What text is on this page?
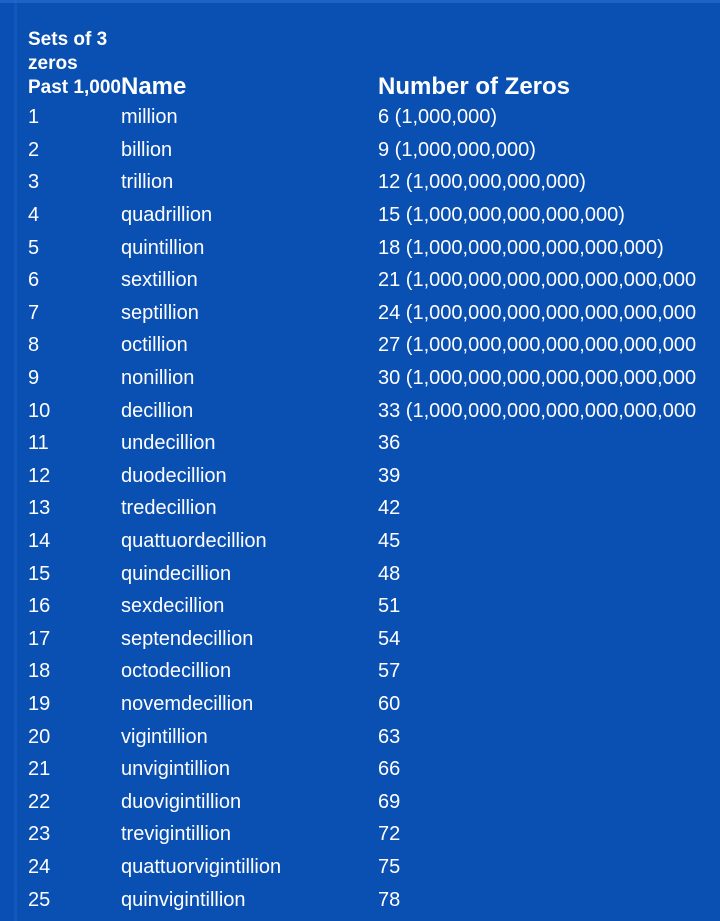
Sets of 3 zeros Past 1,000	Name	Number of Zeros
1	million	6 (1,000,000)
2	billion	9 (1,000,000,000)
3	trillion	12 (1,000,000,000,000)
4	quadrillion	15 (1,000,000,000,000,000)
5	quintillion	18 (1,000,000,000,000,000,000)
6	sextillion	21 (1,000,000,000,000,000,000,000
7	septillion	24 (1,000,000,000,000,000,000,000
8	octillion	27 (1,000,000,000,000,000,000,000
9	nonillion	30 (1,000,000,000,000,000,000,000
10	decillion	33 (1,000,000,000,000,000,000,000
11	undecillion	36
12	duodecillion	39
13	tredecillion	42
14	quattuordecillion	45
15	quindecillion	48
16	sexdecillion	51
17	septendecillion	54
18	octodecillion	57
19	novemdecillion	60
20	vigintillion	63
21	unvigintillion	66
22	duovigintillion	69
23	trevigintillion	72
24	quattuorvigintillion	75
25	quinvigintillion	78
